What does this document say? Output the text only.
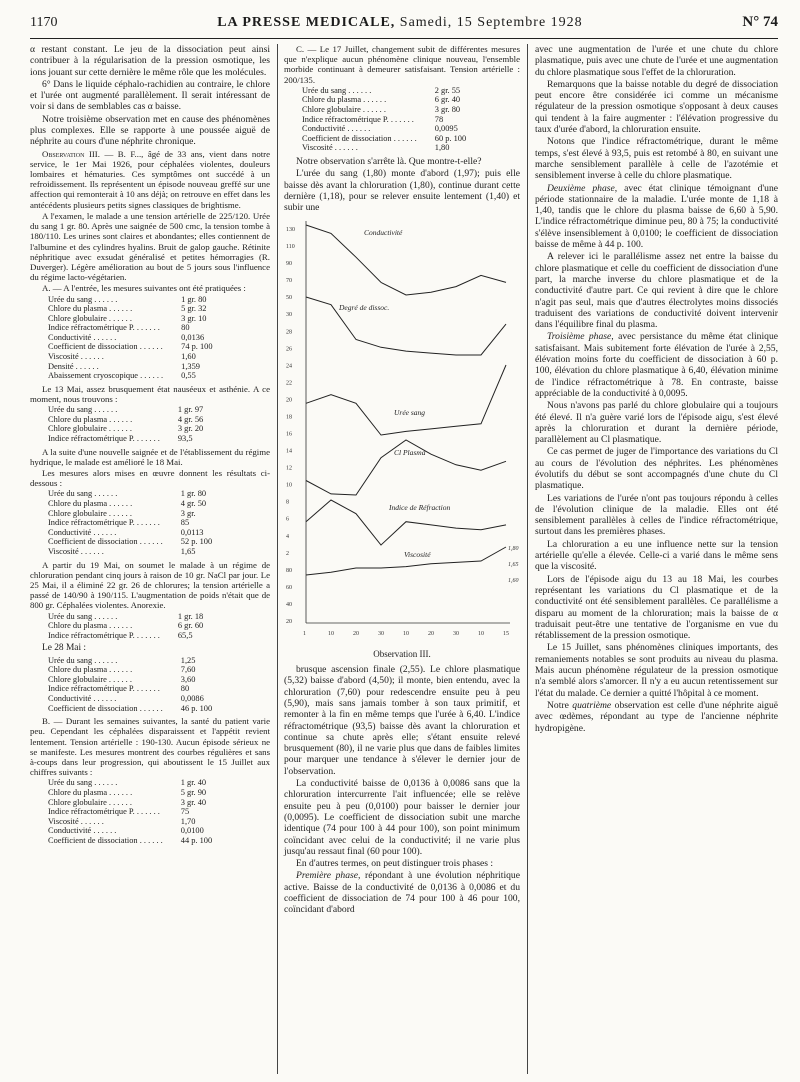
1170	LA PRESSE MEDICALE, Samedi, 15 Septembre 1928	N° 74

α restant constant. Le jeu de la dissociation peut ainsi contribuer à la régularisation de la pression osmotique, les ions jouant sur cette dernière le même rôle que les molécules.

6° Dans le liquide céphalo-rachidien au contraire, le chlore et l'urée ont augmenté parallèlement. Il serait intéressant de voir si dans de semblables cas α baisse.

Notre troisième observation met en cause des phénomènes plus complexes. Elle se rapporte à une poussée aiguë de néphrite au cours d'une néphrite chronique.

Observation III. — B. F..., âgé de 33 ans, vient dans notre service, le 1er Mai 1926, pour céphalées violentes, douleurs lombaires et hématuries. Ces symptômes ont succédé à un refroidissement. Ils représentent un épisode nouveau greffé sur une affection qui remonterait à 10 ans déjà; on retrouve en effet dans les antécédents plusieurs petits signes classiques de brightisme.

A l'examen, le malade a une tension artérielle de 225/120. Urée du sang 1 gr. 80. Après une saignée de 500 cmc, la tension tombe à 180/110. Les urines sont claires et abondantes; elles contiennent de l'albumine et des cylindres hyalins. Bruit de galop gauche. Rétinite néphritique avec exsudat généralisé et petites hémorragies (R. Duverger). Légère amélioration au bout de 5 jours sous l'influence du régime lacto-végétarien.

A. — A l'entrée, les mesures suivantes ont été pratiquées :

Urée du sang . . . . . .	1 gr. 80
Chlore du plasma . . . . . .	5 gr. 32
Chlore globulaire . . . . . .	3 gr. 10
Indice réfractométrique P. . . . . . .	80
Conductivité . . . . . .	0,0136
Coefficient de dissociation . . . . . .	74 p. 100
Viscosité . . . . . .	1,60
Densité . . . . . .	1,359
Abaissement cryoscopique . . . . . .	0,55

Le 13 Mai, assez brusquement état nauséeux et asthénie. A ce moment, nous trouvons :

Urée du sang . . . . . .	1 gr. 97
Chlore du plasma . . . . . .	4 gr. 56
Chlore globulaire . . . . . .	3 gr. 20
Indice réfractométrique P. . . . . . .	93,5

A la suite d'une nouvelle saignée et de l'établissement du régime hydrique, le malade est amélioré le 18 Mai.

Les mesures alors mises en œuvre donnent les résultats ci-dessous :

Urée du sang . . . . . .	1 gr. 80
Chlore du plasma . . . . . .	4 gr. 50
Chlore globulaire . . . . . .	3 gr.
Indice réfractométrique P. . . . . . .	85
Conductivité . . . . . .	0,0113
Coefficient de dissociation . . . . . .	52 p. 100
Viscosité . . . . . .	1,65

A partir du 19 Mai, on soumet le malade à un régime de chloruration pendant cinq jours à raison de 10 gr. NaCl par jour. Le 25 Mai, il a éliminé 22 gr. 26 de chlorures; la tension artérielle a passé de 140/90 à 190/115. L'augmentation de poids n'était que de 800 gr. Céphalées violentes. Anorexie.

Urée du sang . . . . . .	1 gr. 18
Chlore du plasma . . . . . .	6 gr. 60
Indice réfractométrique P. . . . . . .	65,5
Le 28 Mai :
Urée du sang . . . . . .	1,25
Chlore du plasma . . . . . .	7,60
Chlore globulaire . . . . . .	3,60
Indice réfractométrique P. . . . . . .	80
Conductivité . . . . . .	0,0086
Coefficient de dissociation . . . . . .	46 p. 100

B. — Durant les semaines suivantes, la santé du patient varie peu. Cependant les céphalées disparaissent et l'appétit revient lentement. Tension artérielle : 190-130. Aucun épisode sérieux ne se manifeste. Les mesures montrent des courbes régulières et sans à-coups dans leur progression, qui aboutissent le 15 Juillet aux chiffres suivants :

Urée du sang . . . . . .	1 gr. 40
Chlore du plasma . . . . . .	5 gr. 90
Chlore globulaire . . . . . .	3 gr. 40
Indice réfractométrique P. . . . . . .	75
Viscosité . . . . . .	1,70
Conductivité . . . . . .	0,0100
Coefficient de dissociation . . . . . .	44 p. 100

C. — Le 17 Juillet, changement subit de différentes mesures que n'explique aucun phénomène clinique nouveau, l'ensemble morbide continuant à demeurer satisfaisant. Tension artérielle : 200/135.

Urée du sang . . . . . .	2 gr. 55
Chlore du plasma . . . . . .	6 gr. 40
Chlore globulaire . . . . . .	3 gr. 80
Indice réfractométrique P. . . . . . .	78
Conductivité . . . . . .	0,0095
Coefficient de dissociation . . . . . .	60 p. 100
Viscosité . . . . . .	1,80

Notre observation s'arrête là. Que montre-t-elle?

L'urée du sang (1,80) monte d'abord (1,97); puis elle baisse dès avant la chloruration (1,80), continue durant cette dernière (1,18), pour se relever ensuite lentement (1,40) et subir une

130
110
90
70
50
30
28
26
24
22
20
18
16
14
12
10
8
6
4
2
80
60
40
20
1	10	20	30	10	20	30	10	15
1,80
1,65
1,60
Conductivité
Degré de dissoc.
Urée sang
Cl Plasma
Indice de Réfraction
Viscosité
Observation III.

brusque ascension finale (2,55). Le chlore plasmatique (5,32) baisse d'abord (4,50); il monte, bien entendu, avec la chloruration (7,60) pour redescendre ensuite peu à peu (5,90), mais sans jamais tomber à son taux primitif, et remonter à la fin en même temps que l'urée à 6,40. L'indice réfractométrique (93,5) baisse dès avant la chloruration et continue sa chute après elle; s'étant ensuite relevé brusquement (80), il ne varie plus que dans de faibles limites pour marquer une tendance à s'élever le dernier jour de l'observation.

La conductivité baisse de 0,0136 à 0,0086 sans que la chloruration intercurrente l'ait influencée; elle se relève ensuite peu à peu (0,0100) pour baisser le dernier jour (0,0095). Le coefficient de dissociation subit une marche identique (74 pour 100 à 44 pour 100), son point minimum coïncidant avec celui de la conductivité; il ne varie plus jusqu'au ressaut final (60 pour 100).

En d'autres termes, on peut distinguer trois phases :

Première phase, répondant à une évolution néphritique active. Baisse de la conductivité de 0,0136 à 0,0086 et du coefficient de dissociation de 74 pour 100 à 46 pour 100, coïncidant d'abord

avec une augmentation de l'urée et une chute du chlore plasmatique, puis avec une chute de l'urée et une augmentation du chlore plasmatique sous l'effet de la chloruration.

Remarquons que la baisse notable du degré de dissociation peut encore être considérée ici comme un mécanisme régulateur de la pression osmotique s'opposant à deux causes qui tendent à la faire augmenter : l'élévation progressive du taux d'urée d'abord, la chloruration ensuite.

Notons que l'indice réfractométrique, durant le même temps, s'est élevé à 93,5, puis est retombé à 80, en suivant une marche sensiblement parallèle à celle de l'azotémie et sensiblement inverse à celle du chlore plasmatique.

Deuxième phase, avec état clinique témoignant d'une période stationnaire de la maladie. L'urée monte de 1,18 à 1,40, tandis que le chlore du plasma baisse de 6,60 à 5,90. L'indice réfractométrique diminue peu, 80 à 75; la conductivité s'élève insensiblement à 0,0100; le coefficient de dissociation baisse de même à 44 p. 100.

A relever ici le parallélisme assez net entre la baisse du chlore plasmatique et celle du coefficient de dissociation d'une part, la marche inverse du chlore plasmatique et de la conductivité d'autre part. Ce qui revient à dire que le chlore n'agit pas seul, mais que d'autres électrolytes moins dissociés traduisent des variations de conductivité doivent intervenir dans l'équilibre final du plasma.

Troisième phase, avec persistance du même état clinique satisfaisant. Mais subitement forte élévation de l'urée à 2,55, élévation moins forte du coefficient de dissociation à 60 p. 100, élévation du chlore plasmatique à 6,40, élévation minime de l'indice réfractométrique à 78. En contraste, baisse appréciable de la conductivité à 0,0095.

Nous n'avons pas parlé du chlore globulaire qui a toujours été élevé. Il n'a guère varié lors de l'épisode aigu, s'est élevé après la chloruration et durant la dernière période, parallèlement au Cl plasmatique.

Ce cas permet de juger de l'importance des variations du Cl au cours de l'évolution des néphrites. Les phénomènes évolutifs du début se sont accompagnés d'une chute du Cl plasmatique.

Les variations de l'urée n'ont pas toujours répondu à celles de l'évolution clinique de la maladie. Elles ont été sensiblement parallèles à celles de l'indice réfractométrique, surtout dans les premières phases.

La chloruration a eu une influence nette sur la tension artérielle qu'elle a élevée. Celle-ci a varié dans le même sens que la viscosité.

Lors de l'épisode aigu du 13 au 18 Mai, les courbes représentant les variations du Cl plasmatique et de la conductivité ont été sensiblement parallèles. Ce parallélisme a disparu au moment de la chloruration; mais la baisse de α traduisait peut-être une tentative de l'organisme en vue du rétablissement de la pression osmotique.

Le 15 Juillet, sans phénomènes cliniques importants, des remaniements notables se sont produits au niveau du plasma. Mais aucun phénomène régulateur de la pression osmotique n'a semblé alors s'amorcer. Il n'y a eu aucun retentissement sur l'état du malade. Ce dernier a quitté l'hôpital à ce moment.

Notre quatrième observation est celle d'une néphrite aiguë avec œdèmes, répondant au type de l'ancienne néphrite hydropigène.
